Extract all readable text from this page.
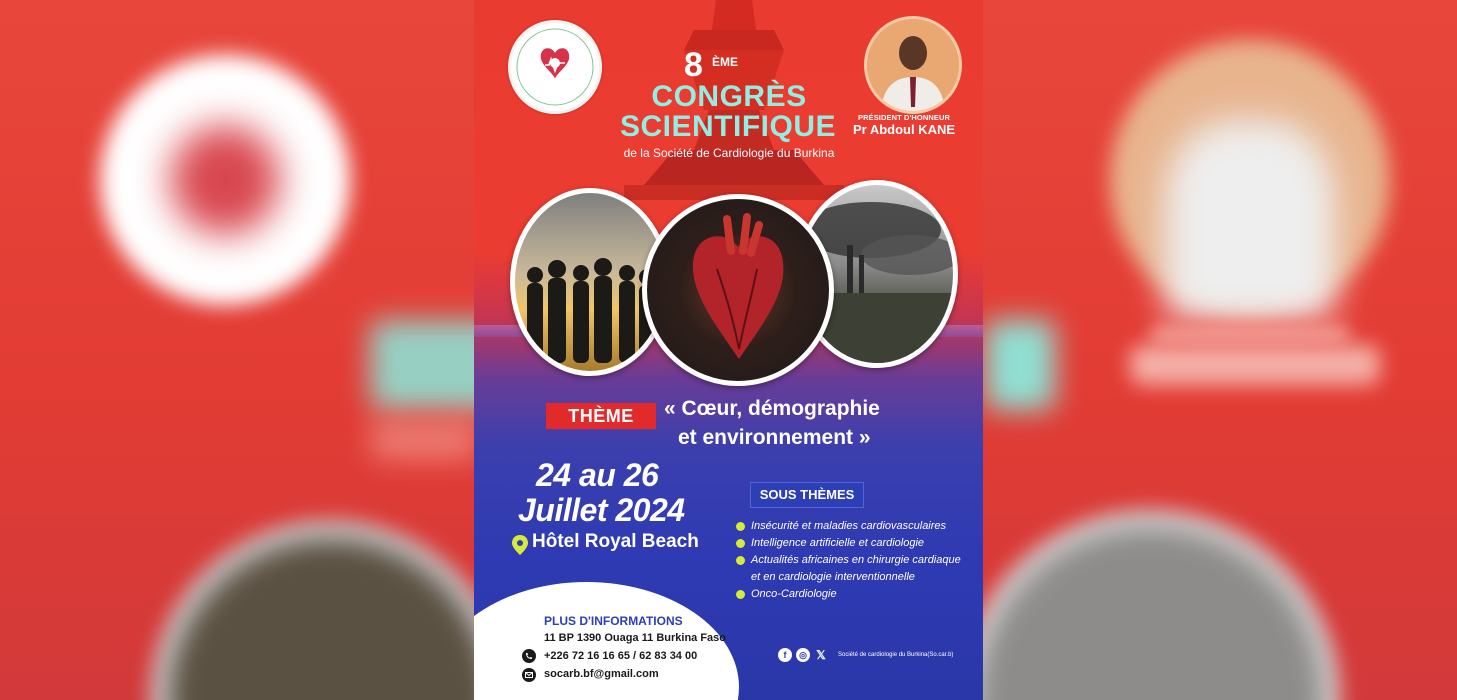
PRÉSIDENT D'HONNEUR
Pr Abdoul KANE
8 ÈME
CONGRÈS
SCIENTIFIQUE
de la Société de Cardiologie du Burkina
THÈME	« Cœur, démographie
et environnement »
24 au 26
Juillet 2024
Hôtel Royal Beach
SOUS THÈMES
Insécurité et maladies cardiovasculaires
Intelligence artificielle et cardiologie
Actualités africaines en chirurgie cardiaque
et en cardiologie interventionnelle
Onco-Cardiologie
PLUS D'INFORMATIONS
11 BP 1390 Ouaga 11 Burkina Faso
+226 72 16 16 65 / 62 83 34 00
socarb.bf@gmail.com
f	◎ 𝕏	Société de cardiologie du Burkina(So.car.b)
